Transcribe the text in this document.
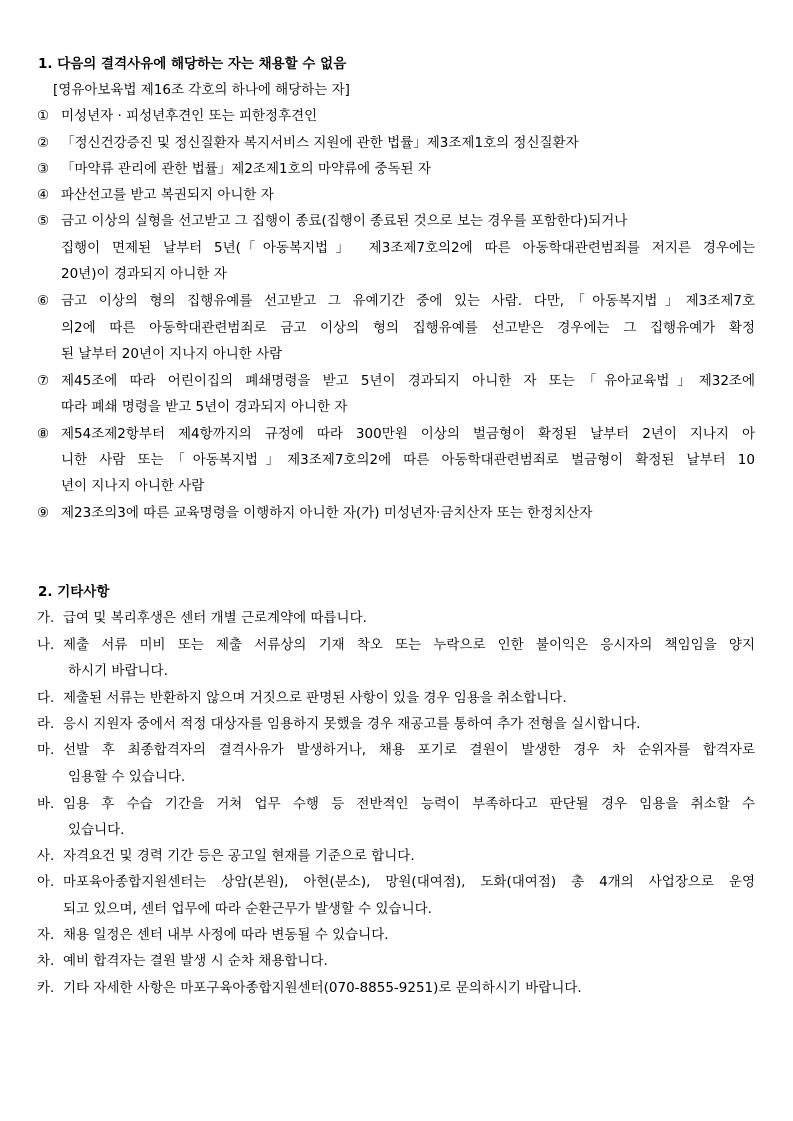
1. 다음의 결격사유에 해당하는 자는 채용할 수 없음
[영유아보육법 제16조 각호의 하나에 해당하는 자]
① 미성년자 · 피성년후견인 또는 피한정후견인
② 「정신건강증진 및 정신질환자 복지서비스 지원에 관한 법률」제3조제1호의 정신질환자
③ 「마약류 관리에 관한 법률」제2조제1호의 마약류에 중독된 자
④ 파산선고를 받고 복권되지 아니한 자
⑤ 금고 이상의 실형을 선고받고 그 집행이 종료(집행이 종료된 것으로 보는 경우를 포함한다)되거나
집행이 면제된 날부터 5년(「아동복지법」 제3조제7호의2에 따른 아동학대관련범죄를 저지른 경우에는
20년)이 경과되지 아니한 자
⑥ 금고 이상의 형의 집행유예를 선고받고 그 유예기간 중에 있는 사람. 다만,「아동복지법」제3조제7호
의2에 따른 아동학대관련범죄로 금고 이상의 형의 집행유예를 선고받은 경우에는 그 집행유예가 확정
된 날부터 20년이 지나지 아니한 사람
⑦ 제45조에 따라 어린이집의 폐쇄명령을 받고 5년이 경과되지 아니한 자 또는「유아교육법」제32조에
따라 폐쇄 명령을 받고 5년이 경과되지 아니한 자
⑧ 제54조제2항부터 제4항까지의 규정에 따라 300만원 이상의 벌금형이 확정된 날부터 2년이 지나지 아
니한 사람 또는「아동복지법」제3조제7호의2에 따른 아동학대관련범죄로 벌금형이 확정된 날부터 10
년이 지나지 아니한 사람
⑨ 제23조의3에 따른 교육명령을 이행하지 아니한 자(가) 미성년자·금치산자 또는 한정치산자
2. 기타사항
가. 급여 및 복리후생은 센터 개별 근로계약에 따릅니다.
나. 제출 서류 미비 또는 제출 서류상의 기재 착오 또는 누락으로 인한 불이익은 응시자의 책임임을 양지
하시기 바랍니다.
다. 제출된 서류는 반환하지 않으며 거짓으로 판명된 사항이 있을 경우 임용을 취소합니다.
라. 응시 지원자 중에서 적정 대상자를 임용하지 못했을 경우 재공고를 통하여 추가 전형을 실시합니다.
마. 선발 후 최종합격자의 결격사유가 발생하거나, 채용 포기로 결원이 발생한 경우 차 순위자를 합격자로
임용할 수 있습니다.
바. 임용 후 수습 기간을 거쳐 업무 수행 등 전반적인 능력이 부족하다고 판단될 경우 임용을 취소할 수
있습니다.
사. 자격요건 및 경력 기간 등은 공고일 현재를 기준으로 합니다.
아. 마포육아종합지원센터는 상암(본원), 아현(분소), 망원(대여점), 도화(대여점) 총 4개의 사업장으로 운영
되고 있으며, 센터 업무에 따라 순환근무가 발생할 수 있습니다.
자. 채용 일정은 센터 내부 사정에 따라 변동될 수 있습니다.
차. 예비 합격자는 결원 발생 시 순차 채용합니다.
카. 기타 자세한 사항은 마포구육아종합지원센터(070-8855-9251)로 문의하시기 바랍니다.
